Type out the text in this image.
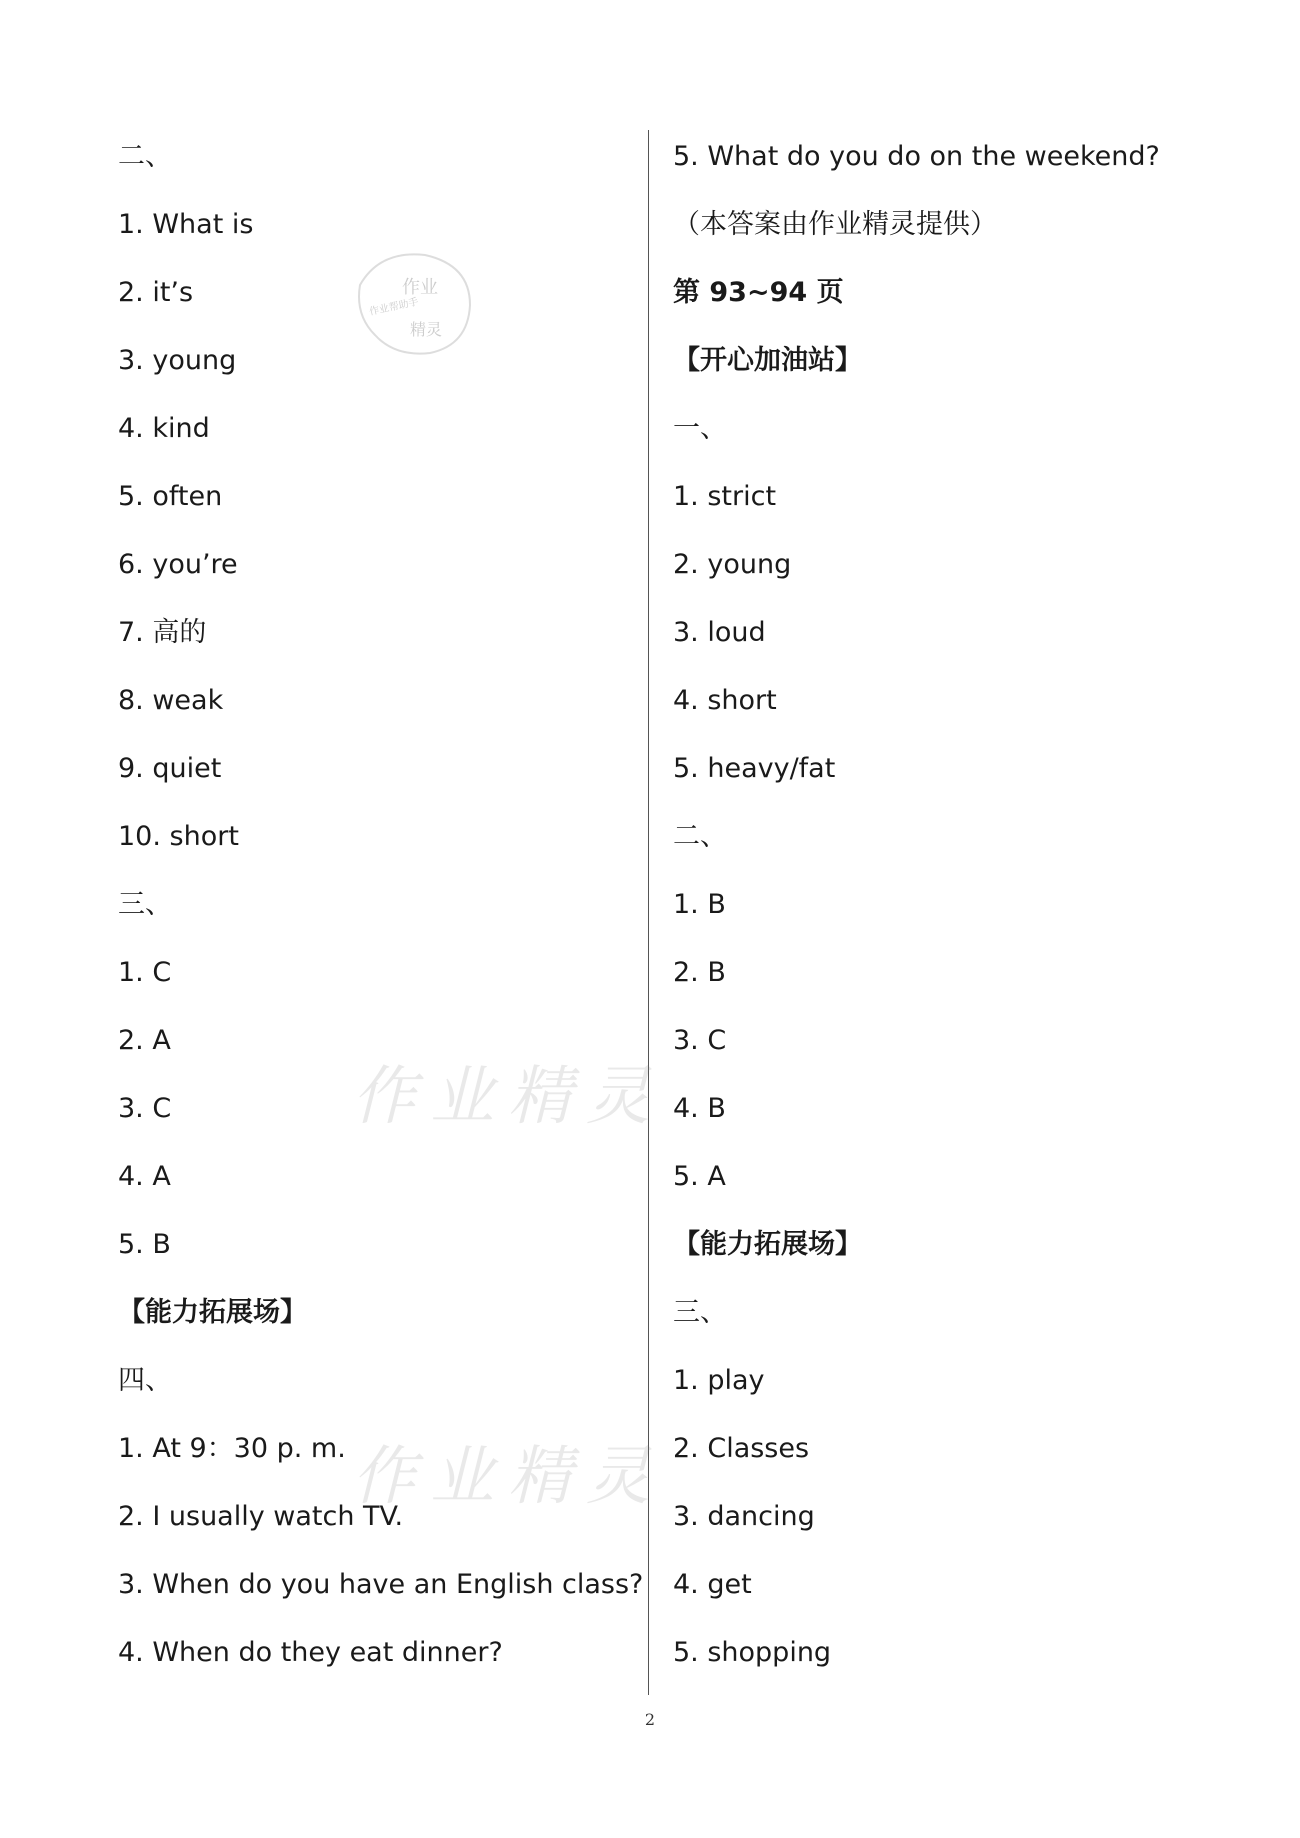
二、
1. What is
2. it’s
3. young
4. kind
5. often
6. you’re
7. 高的
8. weak
9. quiet
10. short
三、
1. C
2. A
3. C
4. A
5. B
【能力拓展场】
四、
1. At 9：30 p. m.
2. I usually watch TV.
3. When do you have an English class?
4. When do they eat dinner?
5. What do you do on the weekend?
（本答案由作业精灵提供）
第 93~94 页
【开心加油站】
一、
1. strict
2. young
3. loud
4. short
5. heavy/fat
二、
1. B
2. B
3. C
4. B
5. A
【能力拓展场】
三、
1. play
2. Classes
3. dancing
4. get
5. shopping
作业
作业帮助手
精灵
作业精灵
作业精灵
2
